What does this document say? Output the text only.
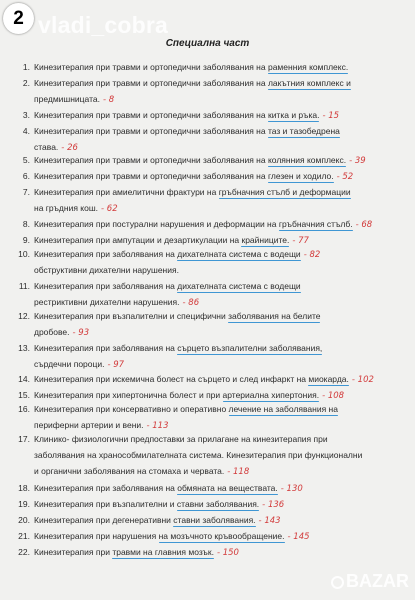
2 vladi_cobra
Специална част
1. Кинезитерапия при травми и ортопедични заболявания на раменния комплекс.
2. Кинезитерапия при травми и ортопедични заболявания на лакътния комплекс и
предмишницата. - 8
3. Кинезитерапия при травми и ортопедични заболявания на китка и ръка. - 15
4. Кинезитерапия при травми и ортопедични заболявания на таз и тазобедрена
става. - 26
5. Кинезитерапия при травми и ортопедични заболявания на колянния комплекс. - 39
6. Кинезитерапия при травми и ортопедични заболявания на глезен и ходило. - 52
7. Кинезитерапия при амиелитични фрактури на гръбначния стълб и деформации
на гръдния кош. - 62
8. Кинезитерапия при постурални нарушения и деформации на гръбначния стълб. - 68
9. Кинезитерапия при ампутации и дезартикулации на крайниците. - 77
10. Кинезитерапия при заболявания на дихателната система с водещи - 82
обструктивни дихателни нарушения.
11. Кинезитерапия при заболявания на дихателната система с водещи
рестриктивни дихателни нарушения. - 86
12. Кинезитерапия при възпалителни и специфични заболявания на белите
дробове. - 93
13. Кинезитерапия при заболявания на сърцето възпалителни заболявания,
сърдечни пороци. - 97
14. Кинезитерапия при искемична болест на сърцето и след инфаркт на миокарда. - 102
15. Кинезитерапия при хипертонична болест и при артериална хипертония. - 108
16. Кинезитерапия при консервативно и оперативно лечение на заболявания на
периферни артерии и вени. - 113
17. Клинико- физиологични предпоставки за прилагане на кинезитерапия при
заболявания на хранособмилателната система. Кинезитерапия при функционални
и органични заболявания на стомаха и червата. - 118
18. Кинезитерапия при заболявания на обмяната на веществата. - 130
19. Кинезитерапия при възпалителни и ставни заболявания. - 136
20. Кинезитерапия при дегенеративни ставни заболявания. - 143
21. Кинезитерапия при нарушения на мозъчното кръвообращение. - 145
22. Кинезитерапия при травми на главния мозък. - 150
BAZAR
